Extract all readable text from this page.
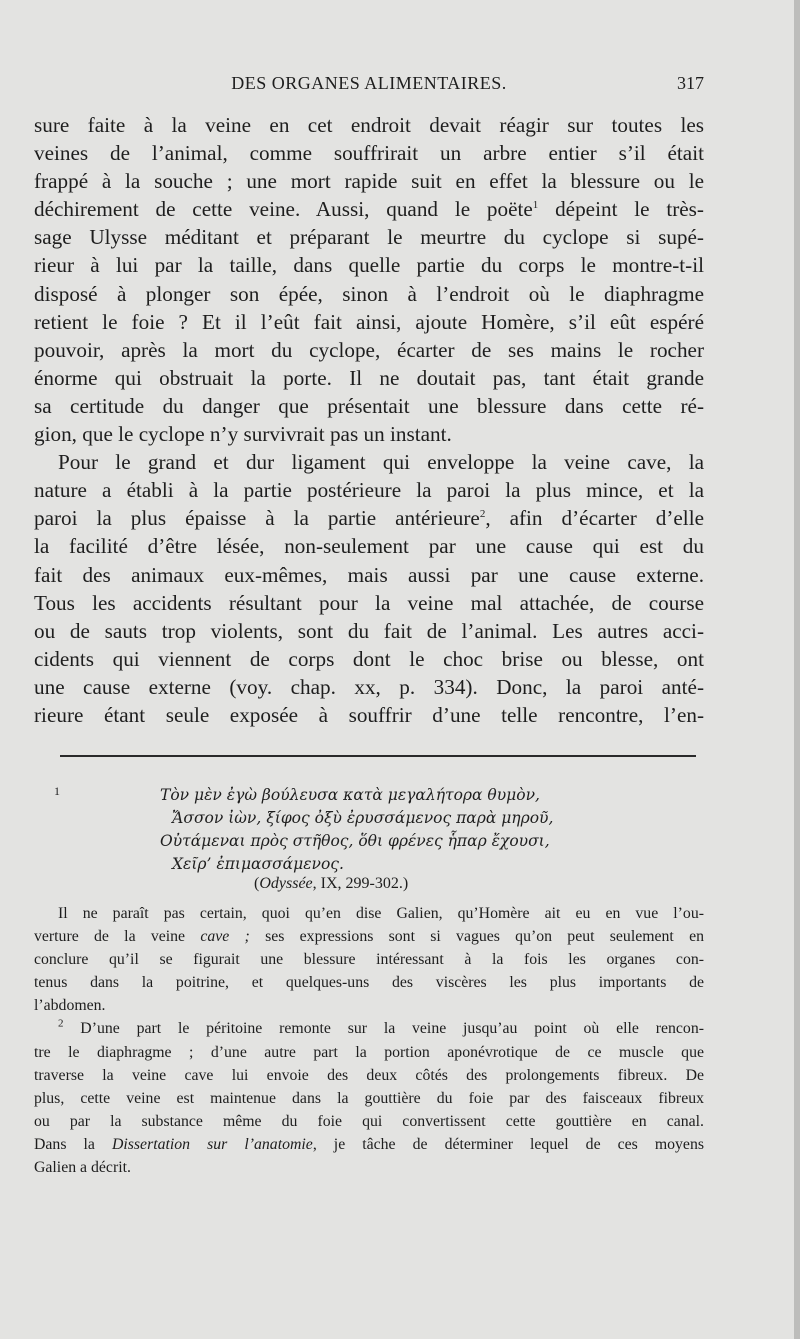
DES ORGANES ALIMENTAIRES.	317
sure faite à la veine en cet endroit devait réagir sur toutes les
veines de l’animal, comme souffrirait un arbre entier s’il était
frappé à la souche ; une mort rapide suit en effet la blessure ou le
déchirement de cette veine. Aussi, quand le poëte$^1$ dépeint le très-
sage Ulysse méditant et préparant le meurtre du cyclope si supé-
rieur à lui par la taille, dans quelle partie du corps le montre-t-il
disposé à plonger son épée, sinon à l’endroit où le diaphragme
retient le foie ? Et il l’eût fait ainsi, ajoute Homère, s’il eût espéré
pouvoir, après la mort du cyclope, écarter de ses mains le rocher
énorme qui obstruait la porte. Il ne doutait pas, tant était grande
sa certitude du danger que présentait une blessure dans cette ré-
gion, que le cyclope n’y survivrait pas un instant.
Pour le grand et dur ligament qui enveloppe la veine cave, la
nature a établi à la partie postérieure la paroi la plus mince, et la
paroi la plus épaisse à la partie antérieure$^2$, afin d’écarter d’elle
la facilité d’être lésée, non-seulement par une cause qui est du
fait des animaux eux-mêmes, mais aussi par une cause externe.
Tous les accidents résultant pour la veine mal attachée, de course
ou de sauts trop violents, sont du fait de l’animal. Les autres acci-
cidents qui viennent de corps dont le choc brise ou blesse, ont
une cause externe (voy. chap. xx, p. 334). Donc, la paroi anté-
rieure étant seule exposée à souffrir d’une telle rencontre, l’en-
1	Τὸν μὲν ἐγὼ βούλευσα κατὰ μεγαλήτορα θυμὸν,
Ἄσσον ἰὼν, ξίφος ὀξὺ ἐρυσσάμενος παρὰ μηροῦ,
Οὐτάμεναι πρὸς στῆθος, ὅθι φρένες ἧπαρ ἔχουσι,
Χεῖρ’ ἐπιμασσάμενος.
(Odyssée, IX, 299-302.)
Il ne paraît pas certain, quoi qu’en dise Galien, qu’Homère ait eu en vue l’ou-
verture de la veine cave ; ses expressions sont si vagues qu’on peut seulement en
conclure qu’il se figurait une blessure intéressant à la fois les organes con-
tenus dans la poitrine, et quelques-uns des viscères les plus importants de
l’abdomen.
$^2$ D’une part le péritoine remonte sur la veine jusqu’au point où elle rencon-
tre le diaphragme ; d’une autre part la portion aponévrotique de ce muscle que
traverse la veine cave lui envoie des deux côtés des prolongements fibreux. De
plus, cette veine est maintenue dans la gouttière du foie par des faisceaux fibreux
ou par la substance même du foie qui convertissent cette gouttière en canal.
Dans la Dissertation sur l’anatomie, je tâche de déterminer lequel de ces moyens
Galien a décrit.
